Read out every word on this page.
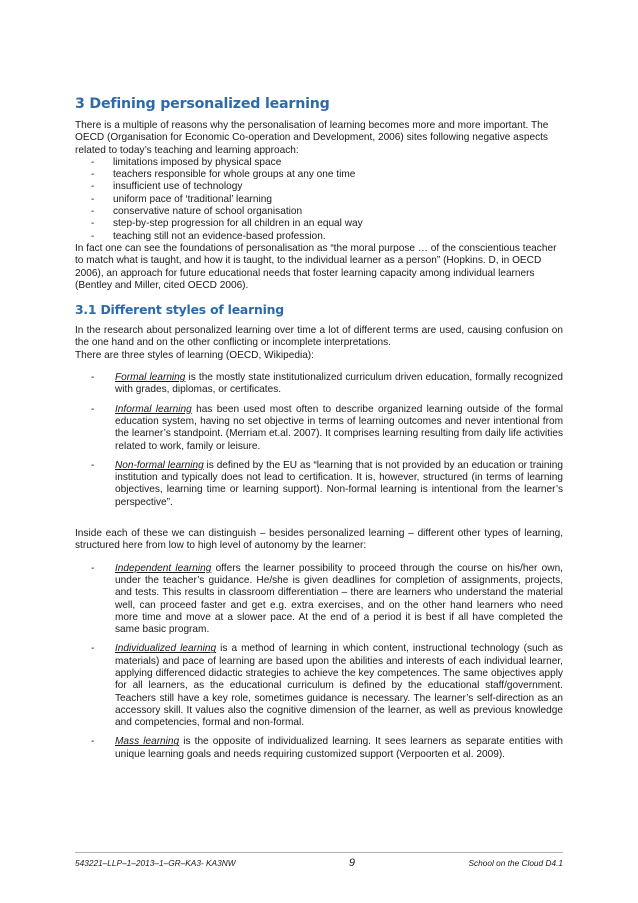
3 Defining personalized learning

There is a multiple of reasons why the personalisation of learning becomes more and more important. The OECD (Organisation for Economic Co-operation and Development, 2006) sites following negative aspects related to today’s teaching and learning approach:

-	limitations imposed by physical space
-	teachers responsible for whole groups at any one time
-	insufficient use of technology
-	uniform pace of ‘traditional’ learning
-	conservative nature of school organisation
-	step-by-step progression for all children in an equal way
-	teaching still not an evidence-based profession.

In fact one can see the foundations of personalisation as “the moral purpose … of the conscientious teacher to match what is taught, and how it is taught, to the individual learner as a person” (Hopkins. D, in OECD 2006), an approach for future educational needs that foster learning capacity among individual learners (Bentley and Miller, cited OECD 2006).

3.1 Different styles of learning

In the research about personalized learning over time a lot of different terms are used, causing confusion on the one hand and on the other conflicting or incomplete interpretations.

There are three styles of learning (OECD, Wikipedia):

-	Formal learning is the mostly state institutionalized curriculum driven education, formally recognized with grades, diplomas, or certificates.
-	Informal learning has been used most often to describe organized learning outside of the formal education system, having no set objective in terms of learning outcomes and never intentional from the learner’s standpoint. (Merriam et.al. 2007). It comprises learning resulting from daily life activities related to work, family or leisure.
-	Non-formal learning is defined by the EU as “learning that is not provided by an education or training institution and typically does not lead to certification. It is, however, structured (in terms of learning objectives, learning time or learning support). Non-formal learning is intentional from the learner’s perspective”.

Inside each of these we can distinguish – besides personalized learning – different other types of learning, structured here from low to high level of autonomy by the learner:

-	Independent learning offers the learner possibility to proceed through the course on his/her own, under the teacher’s guidance. He/she is given deadlines for completion of assignments, projects, and tests. This results in classroom differentiation – there are learners who understand the material well, can proceed faster and get e.g. extra exercises, and on the other hand learners who need more time and move at a slower pace. At the end of a period it is best if all have completed the same basic program.
-	Individualized learning is a method of learning in which content, instructional technology (such as materials) and pace of learning are based upon the abilities and interests of each individual learner, applying differenced didactic strategies to achieve the key competences. The same objectives apply for all learners, as the educational curriculum is defined by the educational staff/government. Teachers still have a key role, sometimes guidance is necessary. The learner’s self-direction as an accessory skill. It values also the cognitive dimension of the learner, as well as previous knowledge and competencies, formal and non-formal.
-	Mass learning is the opposite of individualized learning. It sees learners as separate entities with unique learning goals and needs requiring customized support (Verpoorten et al. 2009).
543221–LLP–1–2013–1–GR–KA3- KA3NW	9	School on the Cloud D4.1
